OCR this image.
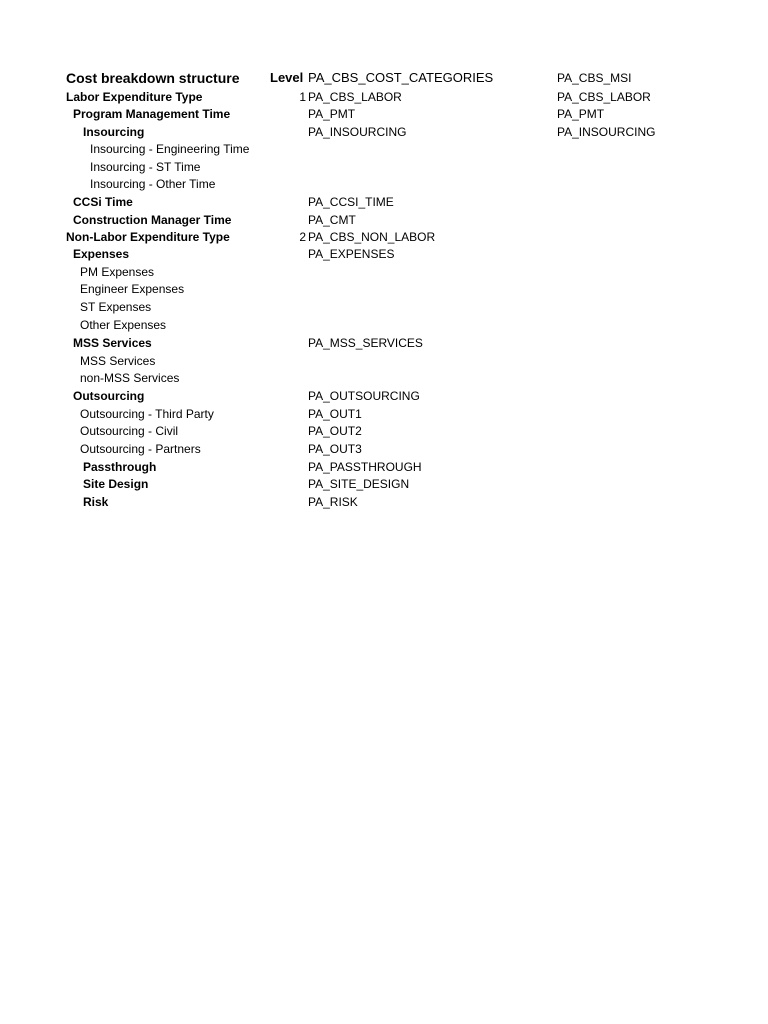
Cost breakdown structure Level PA_CBS_COST_CATEGORIES	PA_CBS_MSI
Labor Expenditure Type	1 PA_CBS_LABOR	PA_CBS_LABOR
Program Management Time	PA_PMT	PA_PMT
Insourcing	PA_INSOURCING	PA_INSOURCING
Insourcing - Engineering Time
Insourcing - ST Time
Insourcing - Other Time
CCSi Time	PA_CCSI_TIME
Construction Manager Time	PA_CMT
Non-Labor Expenditure Type	2 PA_CBS_NON_LABOR
Expenses	PA_EXPENSES
PM Expenses
Engineer Expenses
ST Expenses
Other Expenses
MSS Services	PA_MSS_SERVICES
MSS Services
non-MSS Services
Outsourcing	PA_OUTSOURCING
Outsourcing - Third Party	PA_OUT1
Outsourcing - Civil	PA_OUT2
Outsourcing - Partners	PA_OUT3
Passthrough	PA_PASSTHROUGH
Site Design	PA_SITE_DESIGN
Risk	PA_RISK
